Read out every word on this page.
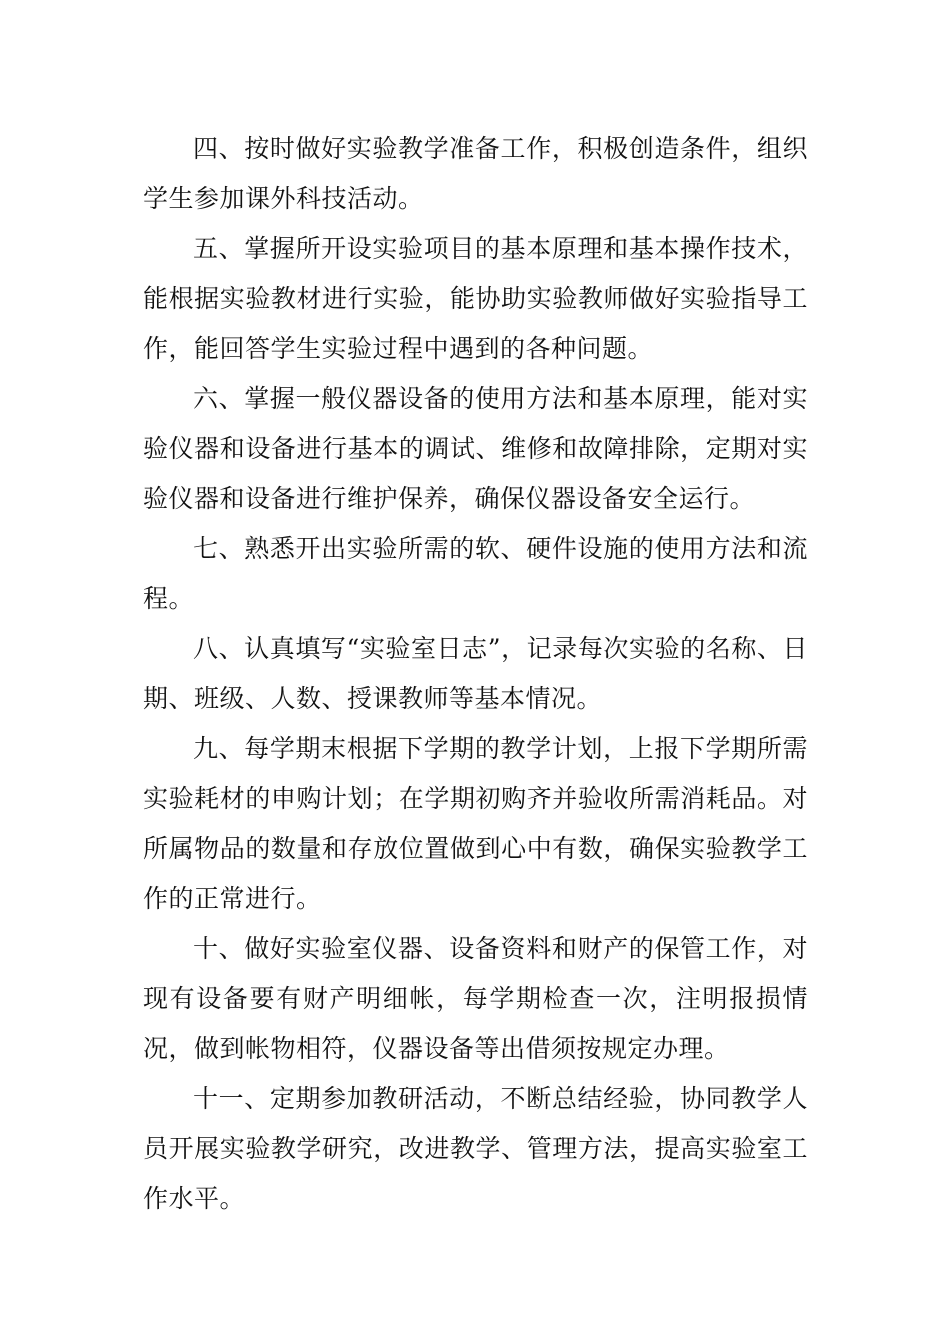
四、按时做好实验教学准备工作，积极创造条件，组织学生参加课外科技活动。

五、掌握所开设实验项目的基本原理和基本操作技术，能根据实验教材进行实验，能协助实验教师做好实验指导工作，能回答学生实验过程中遇到的各种问题。

六、掌握一般仪器设备的使用方法和基本原理，能对实验仪器和设备进行基本的调试、维修和故障排除，定期对实验仪器和设备进行维护保养，确保仪器设备安全运行。

七、熟悉开出实验所需的软、硬件设施的使用方法和流程。

八、认真填写“实验室日志”，记录每次实验的名称、日期、班级、人数、授课教师等基本情况。

九、每学期末根据下学期的教学计划，上报下学期所需实验耗材的申购计划；在学期初购齐并验收所需消耗品。对所属物品的数量和存放位置做到心中有数，确保实验教学工作的正常进行。

十、做好实验室仪器、设备资料和财产的保管工作，对现有设备要有财产明细帐，每学期检查一次，注明报损情况，做到帐物相符，仪器设备等出借须按规定办理。

十一、定期参加教研活动，不断总结经验，协同教学人员开展实验教学研究，改进教学、管理方法，提高实验室工作水平。
